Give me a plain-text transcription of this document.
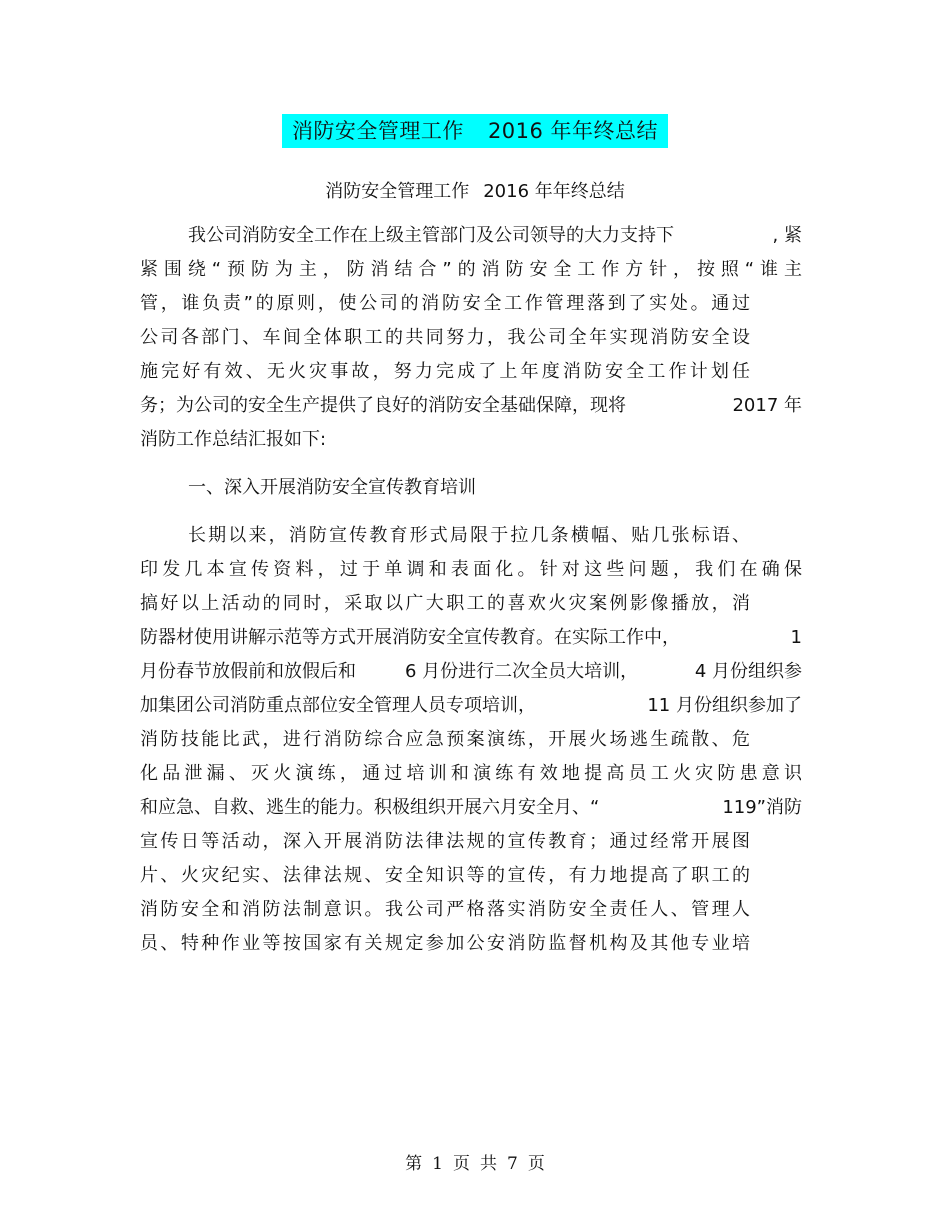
消防安全管理工作 2016 年年终总结
消防安全管理工作 2016 年年终总结
我公司消防安全工作在上级主管部门及公司领导的大力支持下	, 紧
紧围绕“预防为主，防消结合”的消防安全工作方针，按照“谁主
管，谁负责”的原则，使公司的消防安全工作管理落到了实处。通过
公司各部门、车间全体职工的共同努力，我公司全年实现消防安全设
施完好有效、无火灾事故，努力完成了上年度消防安全工作计划任
务；为公司的安全生产提供了良好的消防安全基础保障，现将	2017 年
消防工作总结汇报如下:
一、深入开展消防安全宣传教育培训
长期以来，消防宣传教育形式局限于拉几条横幅、贴几张标语、
印发几本宣传资料，过于单调和表面化。针对这些问题，我们在确保
搞好以上活动的同时，采取以广大职工的喜欢火灾案例影像播放，消
防器材使用讲解示范等方式开展消防安全宣传教育。在实际工作中，	1
月份春节放假前和放假后和	6 月份进行二次全员大培训，	4 月份组织参
加集团公司消防重点部位安全管理人员专项培训，	11 月份组织参加了
消防技能比武，进行消防综合应急预案演练，开展火场逃生疏散、危
化品泄漏、灭火演练，通过培训和演练有效地提高员工火灾防患意识
和应急、自救、逃生的能力。积极组织开展六月安全月、“	119”消防
宣传日等活动，深入开展消防法律法规的宣传教育；通过经常开展图
片、火灾纪实、法律法规、安全知识等的宣传，有力地提高了职工的
消防安全和消防法制意识。我公司严格落实消防安全责任人、管理人
员、特种作业等按国家有关规定参加公安消防监督机构及其他专业培
第 1 页 共 7 页
